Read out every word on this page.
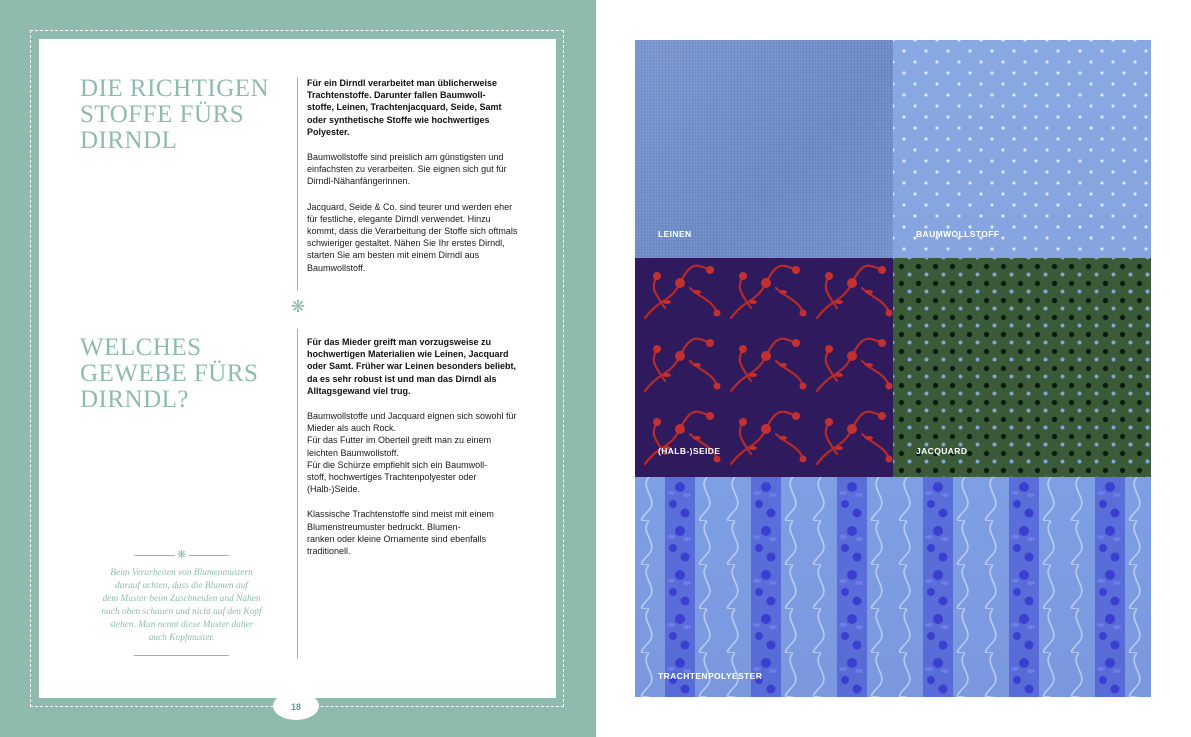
DIE RICHTIGEN
STOFFE FÜRS
DIRNDL

Für ein Dirndl verarbeitet man üblicherweise Trachtenstoffe. Darunter fallen Baumwoll-
stoffe, Leinen, Trachtenjacquard, Seide, Samt oder synthetische Stoffe wie hochwertiges Polyester.

Baumwollstoffe sind preislich am günstigsten und einfachsten zu verarbeiten. Sie eignen sich gut für Dirndl-Nähanfängerinnen.

Jacquard, Seide & Co. sind teurer und werden eher für festliche, elegante Dirndl verwendet. Hinzu kommt, dass die Verarbeitung der Stoffe sich oftmals schwieriger gestaltet. Nähen Sie Ihr erstes Dirndl, starten Sie am besten mit einem Dirndl aus Baumwollstoff.

❋
WELCHES
GEWEBE FÜRS
DIRNDL?

Für das Mieder greift man vorzugsweise zu hochwertigen Materialien wie Leinen, Jacquard oder Samt. Früher war Leinen besonders beliebt, da es sehr robust ist und man das Dirndl als Alltagsgewand viel trug.

Baumwollstoffe und Jacquard eignen sich sowohl für Mieder als auch Rock.
Für das Futter im Oberteil greift man zu einem leichten Baumwollstoff.
Für die Schürze empfiehlt sich ein Baumwoll-
stoff, hochwertiges Trachtenpolyester oder (Halb-)Seide.

Klassische Trachtenstoffe sind meist mit einem Blumenstreumuster bedruckt. Blumen-
ranken oder kleine Ornamente sind ebenfalls traditionell.

❋

Beim Verarbeiten von Blumenmustern
darauf achten, dass die Blumen auf
dem Muster beim Zuschneiden und Nähen
nach oben schauen und nicht auf den Kopf
stehen. Man nennt diese Muster daher
auch Kopfmuster.

18
LEINEN	BAUMWOLLSTOFF
(HALB-)SEIDE	JACQUARD
TRACHTENPOLYESTER
